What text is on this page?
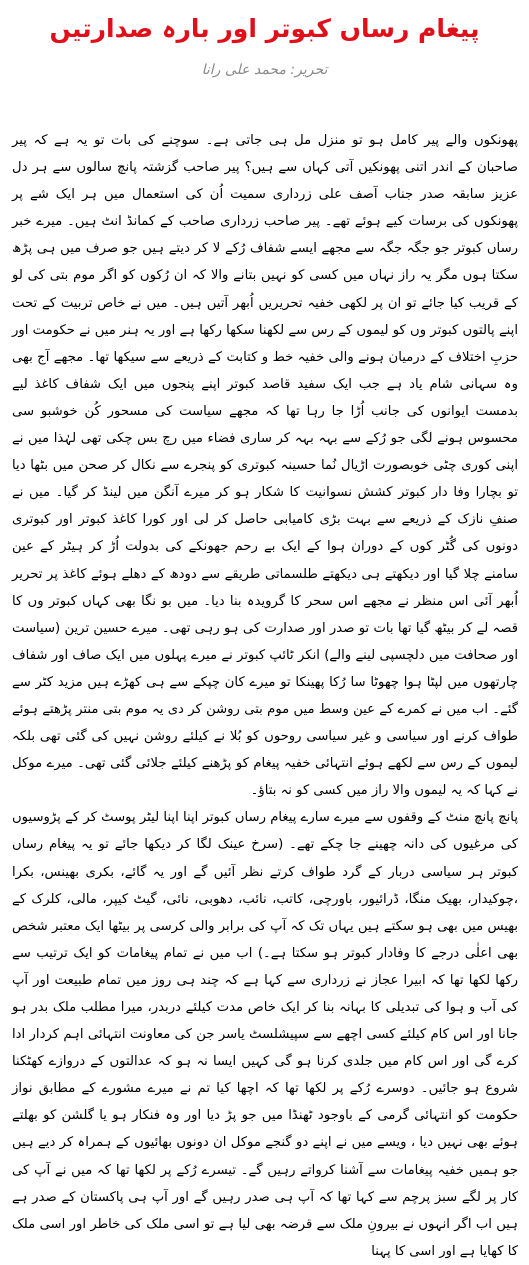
پیغام رساں کبوتر اور بارہ صدارتیں
تحریر: محمد علی رانا

پھونکوں والے پیر کامل ہو تو منزل مل ہی جاتی ہے۔ سوچنے کی بات تو یہ ہے کہ پیر صاحبان کے اندر اتنی پھونکیں آتی کہاں سے ہیں؟ پیر صاحب گزشتہ پانچ سالوں سے ہر دل عزیز سابقہ صدر جناب آصف علی زرداری سمیت اُن کی استعمال میں ہر ایک شے پر پھونکوں کی برسات کیے ہوئے تھے۔ پیر صاحب زرداری صاحب کے کمانڈ انٹ ہیں۔ میرے خبر رساں کبوتر جو جگہ جگہ سے مجھے ایسے شفاف رُکے لا کر دیتے ہیں جو صرف میں ہی پڑھ سکتا ہوں مگر یہ راز نہاں میں کسی کو نہیں بتانے والا کہ ان رُکوں کو اگر موم بتی کی لو کے قریب کیا جائے تو ان پر لکھی خفیہ تحریریں اُبھر آتیں ہیں۔ میں نے خاص تربیت کے تحت اپنے پالتوں کبوتر وں کو لیموں کے رس سے لکھنا سکھا رکھا ہے اور یہ ہنر میں نے حکومت اور حزبِ اختلاف کے درمیان ہونے والی خفیہ خط و کتابت کے ذریعے سے سیکھا تھا۔ مجھے آج بھی وہ سہانی شام یاد ہے جب ایک سفید قاصد کبوتر اپنے پنجوں میں ایک شفاف کاغذ لیے بدمست ایوانوں کی جانب اُڑا جا رہا تھا کہ مجھے سیاست کی مسحور کُن خوشبو سی محسوس ہونے لگی جو رُکے سے بہہ بہہ کر ساری فضاء میں رچ بس چکی تھی لہٰذا میں نے اپنی کوری چٹی خوبصورت اڑیال نُما حسینہ کبوتری کو پنجرے سے نکال کر صحن میں بٹھا دیا تو بچارا وفا دار کبوتر کشش نسوانیت کا شکار ہو کر میرے آنگن میں لینڈ کر گیا۔ میں نے صنفِ نازک کے ذریعے سے بہت بڑی کامیابی حاصل کر لی اور کورا کاغذ کبوتر اور کبوتری دونوں کی گُٹر کوں کے دوران ہوا کے ایک بے رحم جھونکے کی بدولت اُڑ کر ہیٹر کے عین سامنے چلا گیا اور دیکھتے ہی دیکھتے طلسماتی طریقے سے دودھ کے دھلے ہوئے کاغذ پر تحریر اُبھر آئی اس منظر نے مجھے اس سحر کا گرویدہ بنا دیا۔ میں بو نگا بھی کہاں کبوتر وں کا قصہ لے کر بیٹھ گیا تھا بات تو صدر اور صدارت کی ہو رہی تھی۔ میرے حسین ترین (سیاست اور صحافت میں دلچسپی لینے والے) انکر ٹائپ کبوتر نے میرے پہلوں میں ایک صاف اور شفاف چارتھوں میں لپٹا ہوا چھوٹا سا رُکا پھینکا تو میرے کان چپکے سے ہی کھڑے ہیں مزید کٹر سے گئے۔ اب میں نے کمرے کے عین وسط میں موم بتی روشن کر دی یہ موم بتی منتر پڑھتے ہوئے طواف کرنے اور سیاسی و غیر سیاسی روحوں کو بُلا نے کیلئے روشن نہیں کی گئی تھی بلکہ لیموں کے رس سے لکھے ہوئے انتہائی خفیہ پیغام کو پڑھنے کیلئے جلائی گئی تھی۔ میرے موکل نے کہا کہ یہ لیموں والا راز میں کسی کو نہ بتاؤ۔

پانچ پانچ منٹ کے وقفوں سے میرے سارے پیغام رساں کبوتر اپنا اپنا لیٹر پوسٹ کر کے پڑوسیوں کی مرغیوں کی دانہ چھینے جا چکے تھے۔ (سرخ عینک لگا کر دیکھا جائے تو یہ پیغام رساں کبوتر ہر سیاسی دربار کے گرد طواف کرتے نظر آئیں گے اور یہ گائے، بکری بھینس، بکرا ،چوکیدار، بھیک منگا، ڈرائیور، باورچی، کاتب، نائب، دھوبی، نائی، گیٹ کیپر، مالی، کلرک کے بھیس میں بھی ہو سکتے ہیں یہاں تک کہ آپ کی برابر والی کرسی پر بیٹھا ایک معتبر شخص بھی اعلٰی درجے کا وفادار کبوتر ہو سکتا ہے۔) اب میں نے تمام پیغامات کو ایک ترتیب سے رکھا لکھا تھا کہ ابیرا عجاز نے زرداری سے کہا ہے کہ چند ہی روز میں تمام طبیعت اور آپ کی آب و ہوا کی تبدیلی کا بہانہ بنا کر ایک خاص مدت کیلئے دربدر، میرا مطلب ملک بدر ہو جانا اور اس کام کیلئے کسی اچھے سے سپیشلسٹ یاسر جن کی معاونت انتہائی اہم کردار ادا کرے گی اور اس کام میں جلدی کرنا ہو گی کہیں ایسا نہ ہو کہ عدالتوں کے دروازے کھٹکنا شروع ہو جائیں۔ دوسرے رُکے پر لکھا تھا کہ اچھا کیا تم نے میرے مشورے کے مطابق نواز حکومت کو انتہائی گرمی کے باوجود ٹھنڈا میں جو پڑ دیا اور وہ فنکار ہو یا گلشن کو بھلتے ہوئے بھی نہیں دیا ، ویسے میں نے اپنے دو گنجے موکل ان دونوں بھائیوں کے ہمراہ کر دیے ہیں جو ہمیں خفیہ پیغامات سے آشنا کرواتے رہیں گے۔ تیسرے رُکے پر لکھا تھا کہ میں نے آپ کی کار پر لگے سبز پرچم سے کہا تھا کہ آپ ہی صدر رہیں گے اور آپ ہی پاکستان کے صدر ہے ہیں اب اگر انہوں نے بیرونِ ملک سے قرضہ بھی لیا ہے تو اسی ملک کی خاطر اور اسی ملک کا کھایا ہے اور اسی کا پہنا
